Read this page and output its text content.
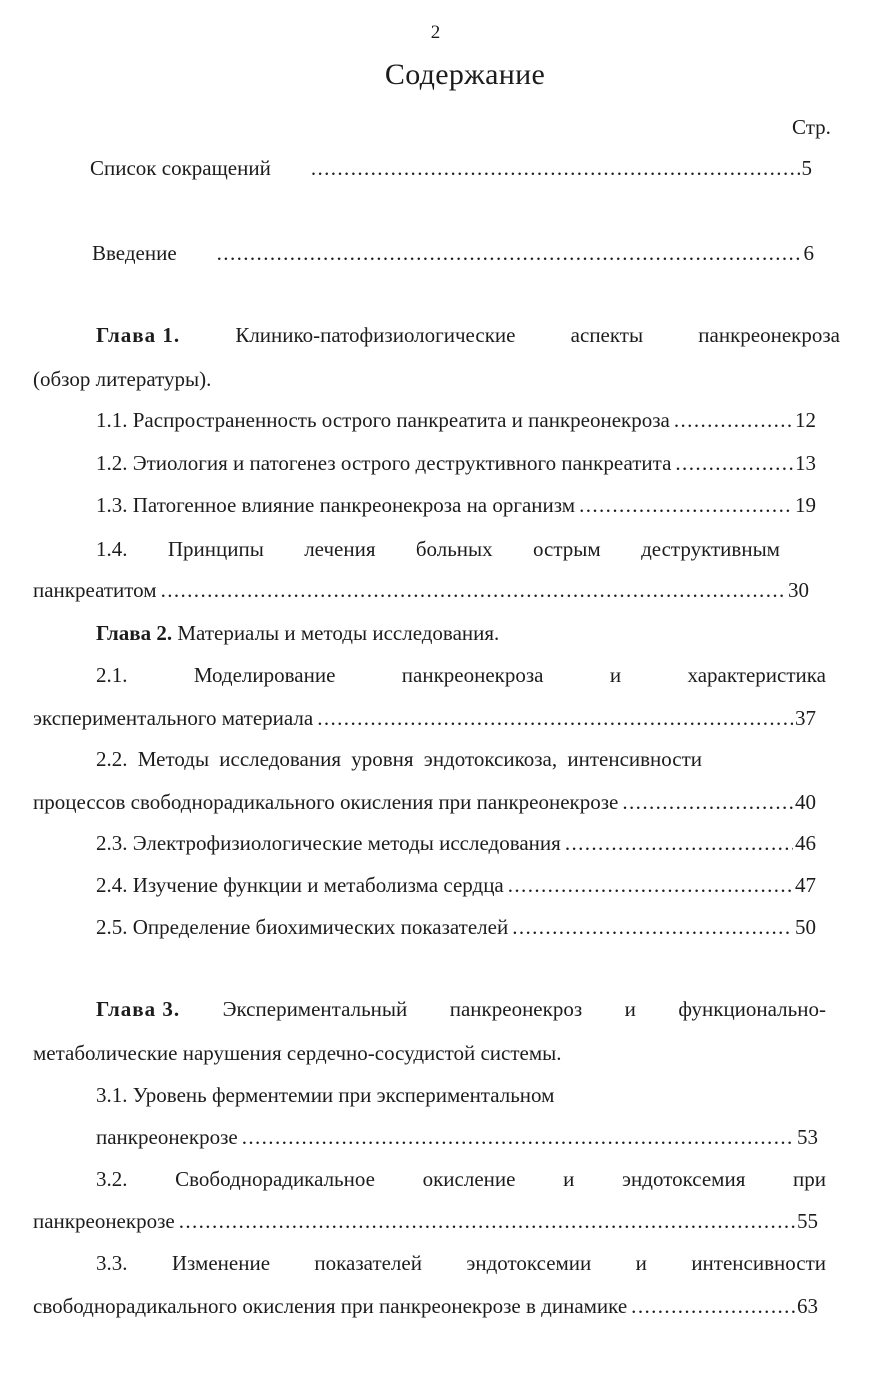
2
Содержание
Стр.
Список сокращений .....	5
Введение .....	6
Глава 1.	Клинико-патофизиологические	аспекты	панкреонекроза
(обзор литературы).
1.1. Распространенность острого панкреатита и панкреонекроза .....	12
1.2. Этиология и патогенез острого деструктивного панкреатита .....	13
1.3. Патогенное влияние панкреонекроза на организм .....	19
1.4. Принципы лечения больных острым деструктивным
панкреатитом .....	30
Глава 2. Материалы и методы исследования.
2.1.	Моделирование	панкреонекроза	и	характеристика
экспериментального материала .....	37
2.2. Методы исследования уровня эндотоксикоза, интенсивности
процессов свободнорадикального окисления при панкреонекрозе .....	40
2.3. Электрофизиологические методы исследования .....	46
2.4. Изучение функции и метаболизма сердца .....	47
2.5. Определение биохимических показателей .....	50
Глава 3. Экспериментальный панкреонекроз и функционально-
метаболические нарушения сердечно-сосудистой системы.
3.1. Уровень ферментемии при экспериментальном
панкреонекрозе .....	53
3.2. Свободнорадикальное окисление и эндотоксемия при
панкреонекрозе .....	55
3.3. Изменение показателей эндотоксемии и интенсивности
свободнорадикального окисления при панкреонекрозе в динамике .....	63
